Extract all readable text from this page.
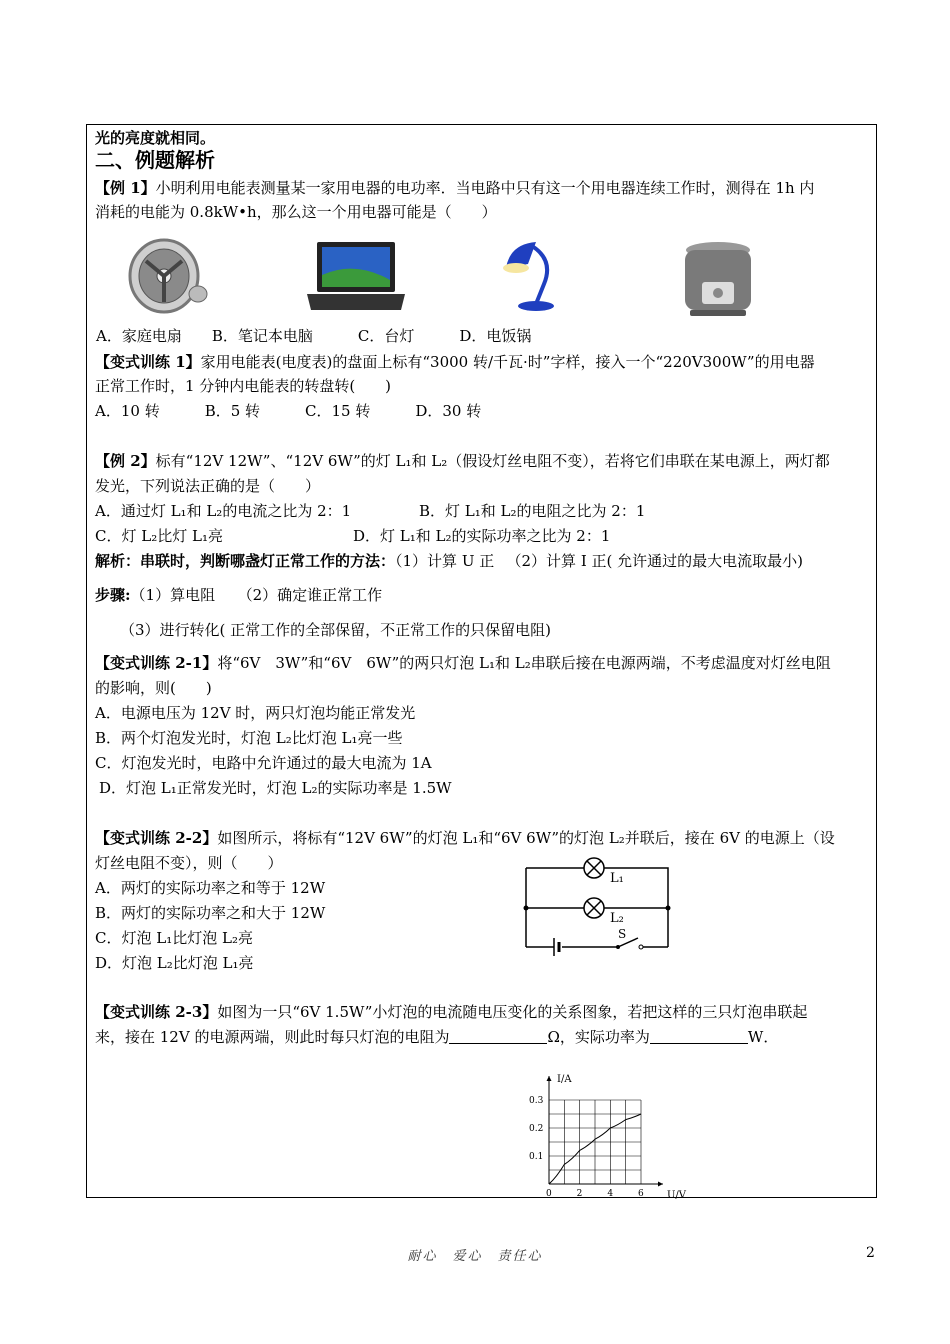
光的亮度就相同。
二、例题解析
【例 1】小明利用电能表测量某一家用电器的电功率．当电路中只有这一个用电器连续工作时，测得在 1h 内
消耗的电能为 0.8kW•h，那么这一个用电器可能是（　　）
A．家庭电扇　　B．笔记本电脑　　　C．台灯　　　D．电饭锅
【变式训练 1】家用电能表(电度表)的盘面上标有“3000 转/千瓦·时”字样，接入一个“220V300W”的用电器
正常工作时，1 分钟内电能表的转盘转(　　)
A．10 转　　　B．5 转　　　C．15 转　　　D．30 转
【例 2】标有“12V 12W”、“12V 6W”的灯 L₁和 L₂（假设灯丝电阻不变），若将它们串联在某电源上，两灯都
发光，下列说法正确的是（　　）
A．通过灯 L₁和 L₂的电流之比为 2：1	B．灯 L₁和 L₂的电阻之比为 2：1
C．灯 L₂比灯 L₁亮	D．灯 L₁和 L₂的实际功率之比为 2：1
解析：串联时，判断哪盏灯正常工作的方法：（1）计算 U 正 　（2）计算 I 正( 允许通过的最大电流取最小)
步骤:（1）算电阻　　（2）确定谁正常工作
（3）进行转化( 正常工作的全部保留，不正常工作的只保留电阻)
【变式训练 2-1】将“6V　3W”和“6V　6W”的两只灯泡 L₁和 L₂串联后接在电源两端，不考虑温度对灯丝电阻
的影响，则(　　)
A．电源电压为 12V 时，两只灯泡均能正常发光
B．两个灯泡发光时，灯泡 L₂比灯泡 L₁亮一些
C．灯泡发光时，电路中允许通过的最大电流为 1A
D．灯泡 L₁正常发光时，灯泡 L₂的实际功率是 1.5W
【变式训练 2-2】如图所示，将标有“12V 6W”的灯泡 L₁和“6V 6W”的灯泡 L₂并联后，接在 6V 的电源上（设
灯丝电阻不变），则（　　）
A．两灯的实际功率之和等于 12W
B．两灯的实际功率之和大于 12W
C．灯泡 L₁比灯泡 L₂亮
D．灯泡 L₂比灯泡 L₁亮
L₁
L₂
S
【变式训练 2-3】如图为一只“6V 1.5W”小灯泡的电流随电压变化的关系图象，若把这样的三只灯泡串联起
来，接在 12V 的电源两端，则此时每只灯泡的电阻为	Ω，实际功率为	W．
0	2	4	6
0.1
0.2
0.3
I/A
U/V
耐心　爱心　责任心	2
